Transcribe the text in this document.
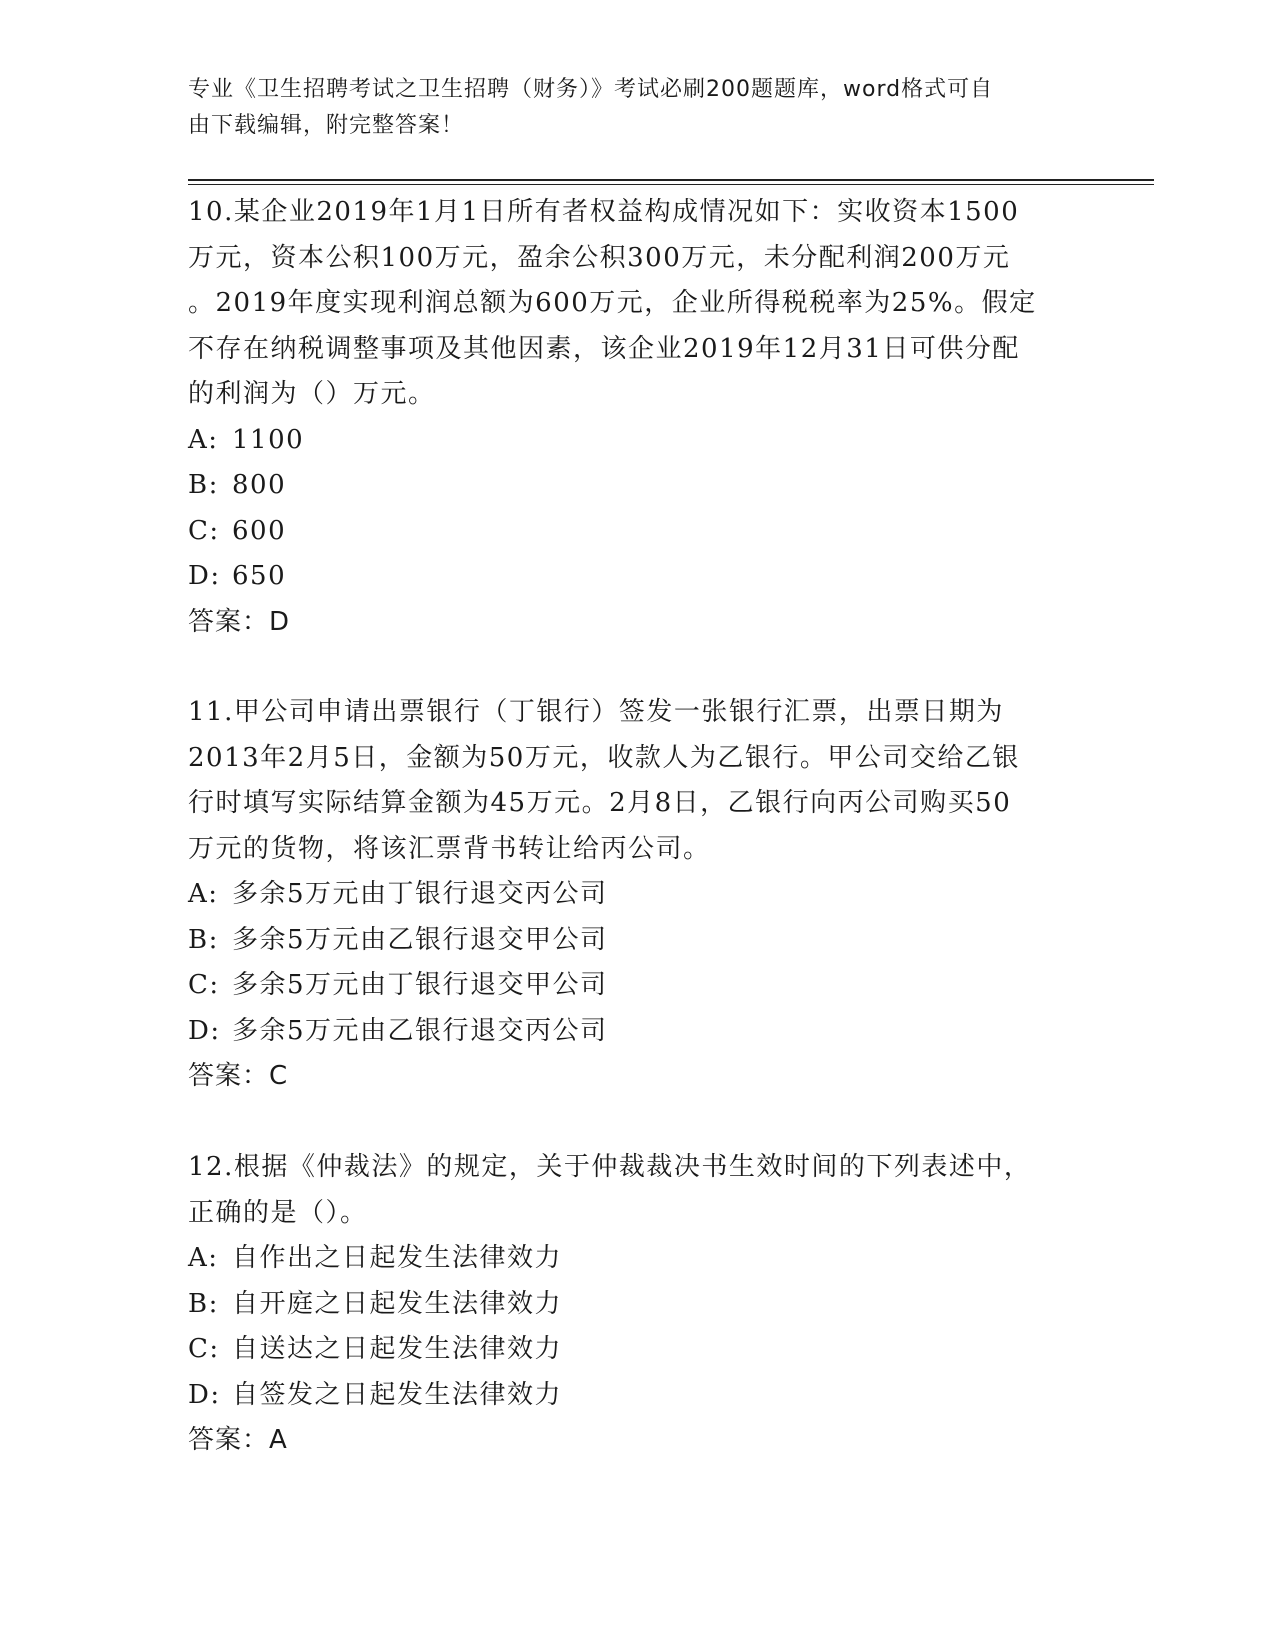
专业《卫生招聘考试之卫生招聘（财务）》考试必刷200题题库，word格式可自
由下载编辑，附完整答案！

10.某企业2019年1月1日所有者权益构成情况如下：实收资本1500

万元，资本公积100万元，盈余公积300万元，未分配利润200万元

。2019年度实现利润总额为600万元，企业所得税税率为25%。假定

不存在纳税调整事项及其他因素，该企业2019年12月31日可供分配

的利润为（）万元。

A: 1100

B: 800

C: 600

D: 650

答案：D

11.甲公司申请出票银行（丁银行）签发一张银行汇票，出票日期为

2013年2月5日，金额为50万元，收款人为乙银行。甲公司交给乙银

行时填写实际结算金额为45万元。2月8日，乙银行向丙公司购买50

万元的货物，将该汇票背书转让给丙公司。

A: 多余5万元由丁银行退交丙公司

B: 多余5万元由乙银行退交甲公司

C: 多余5万元由丁银行退交甲公司

D: 多余5万元由乙银行退交丙公司

答案：C

12.根据《仲裁法》的规定，关于仲裁裁决书生效时间的下列表述中，

正确的是（）。

A: 自作出之日起发生法律效力

B: 自开庭之日起发生法律效力

C: 自送达之日起发生法律效力

D: 自签发之日起发生法律效力

答案：A
